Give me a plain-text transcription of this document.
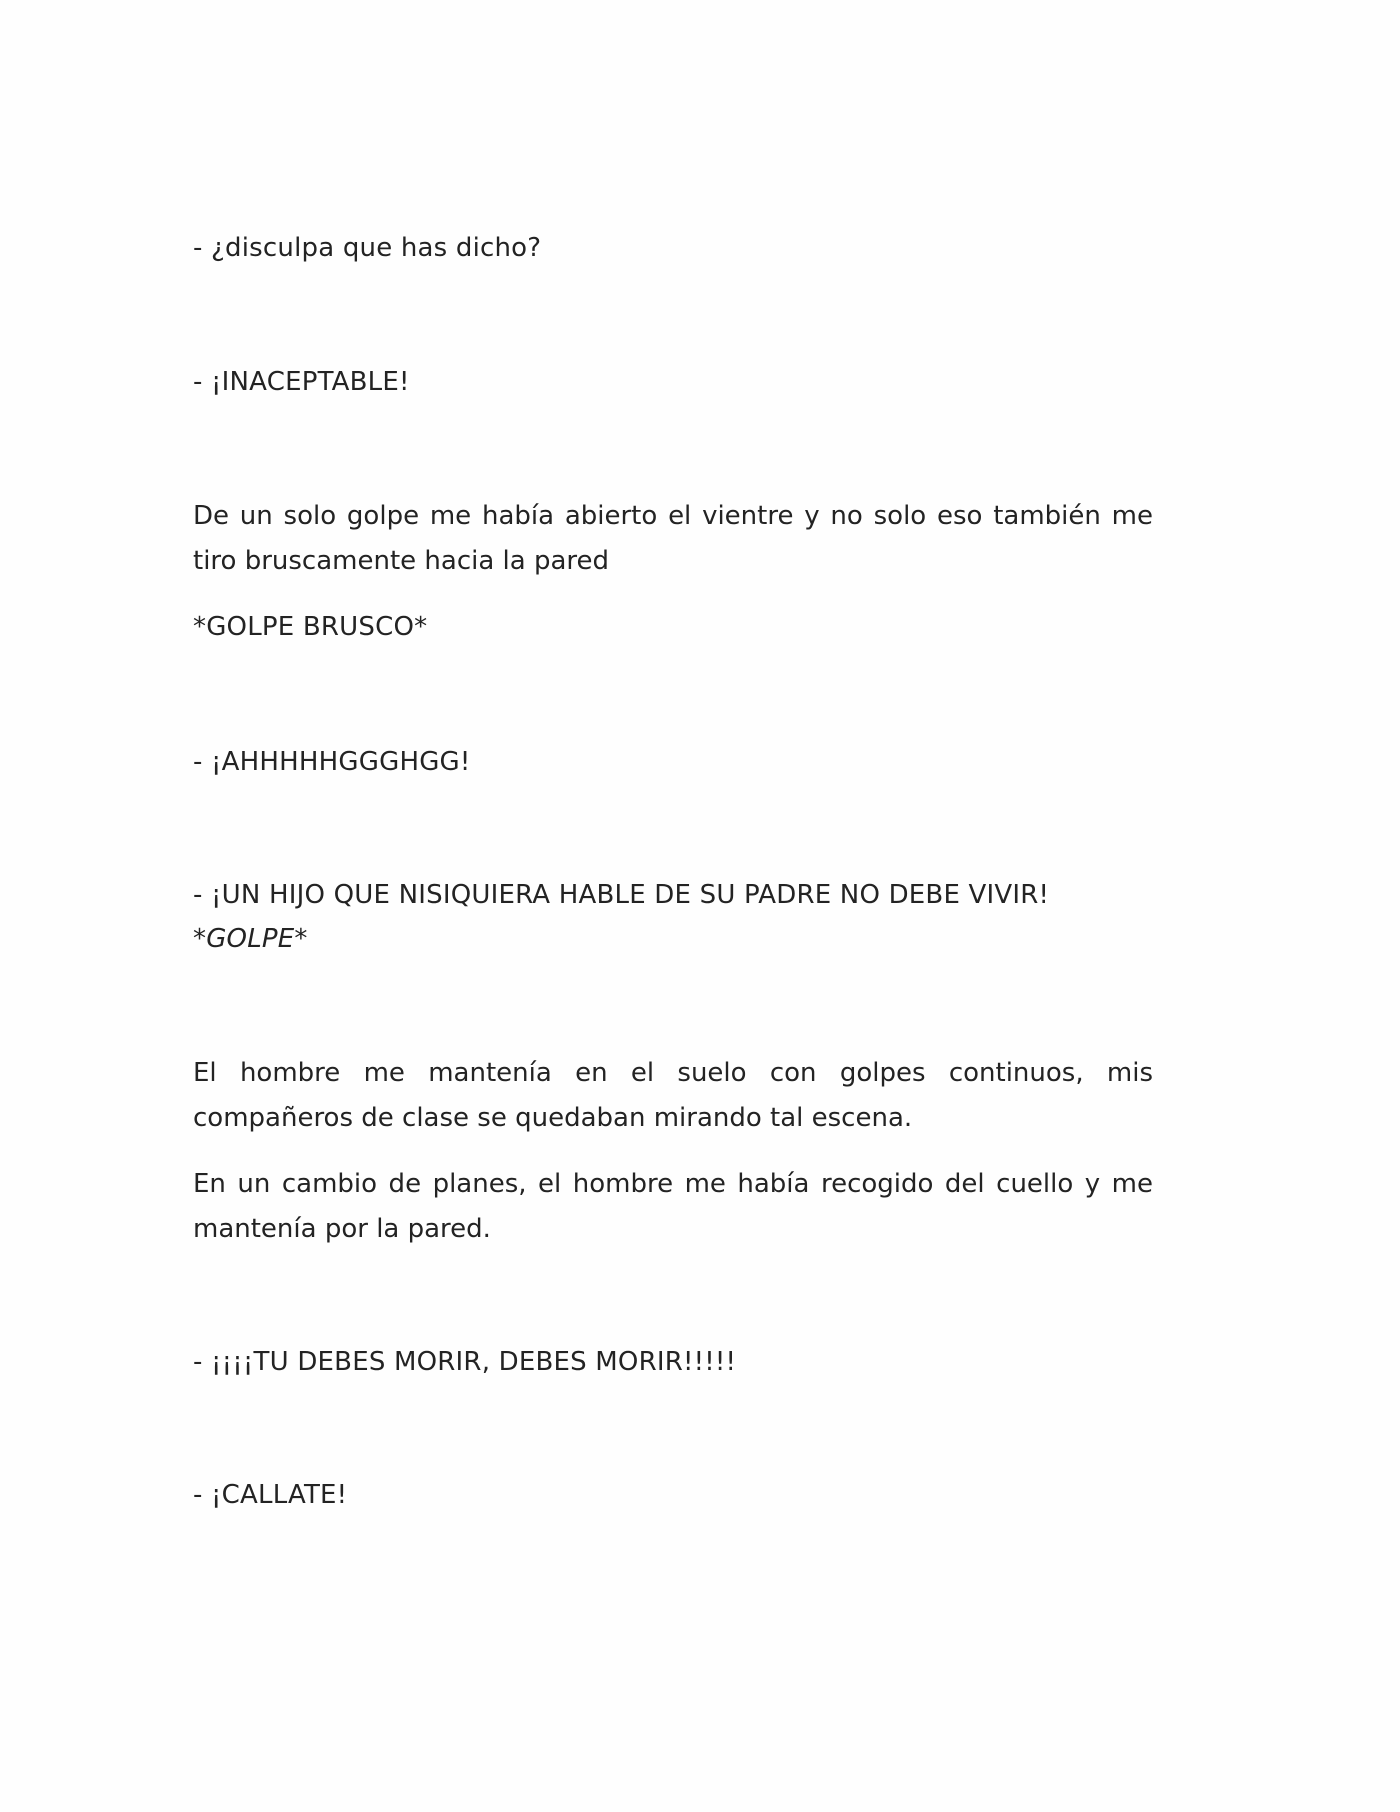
- ¿disculpa que has dicho?

- ¡INACEPTABLE!

De un solo golpe me había abierto el vientre y no solo eso también me tiro bruscamente hacia la pared

*GOLPE BRUSCO*

- ¡AHHHHHGGGHGG!

- ¡UN HIJO QUE NISIQUIERA HABLE DE SU PADRE NO DEBE VIVIR!

*GOLPE*

El hombre me mantenía en el suelo con golpes continuos, mis compañeros de clase se quedaban mirando tal escena.

En un cambio de planes, el hombre me había recogido del cuello y me mantenía por la pared.

- ¡¡¡¡TU DEBES MORIR, DEBES MORIR!!!!!

- ¡CALLATE!
